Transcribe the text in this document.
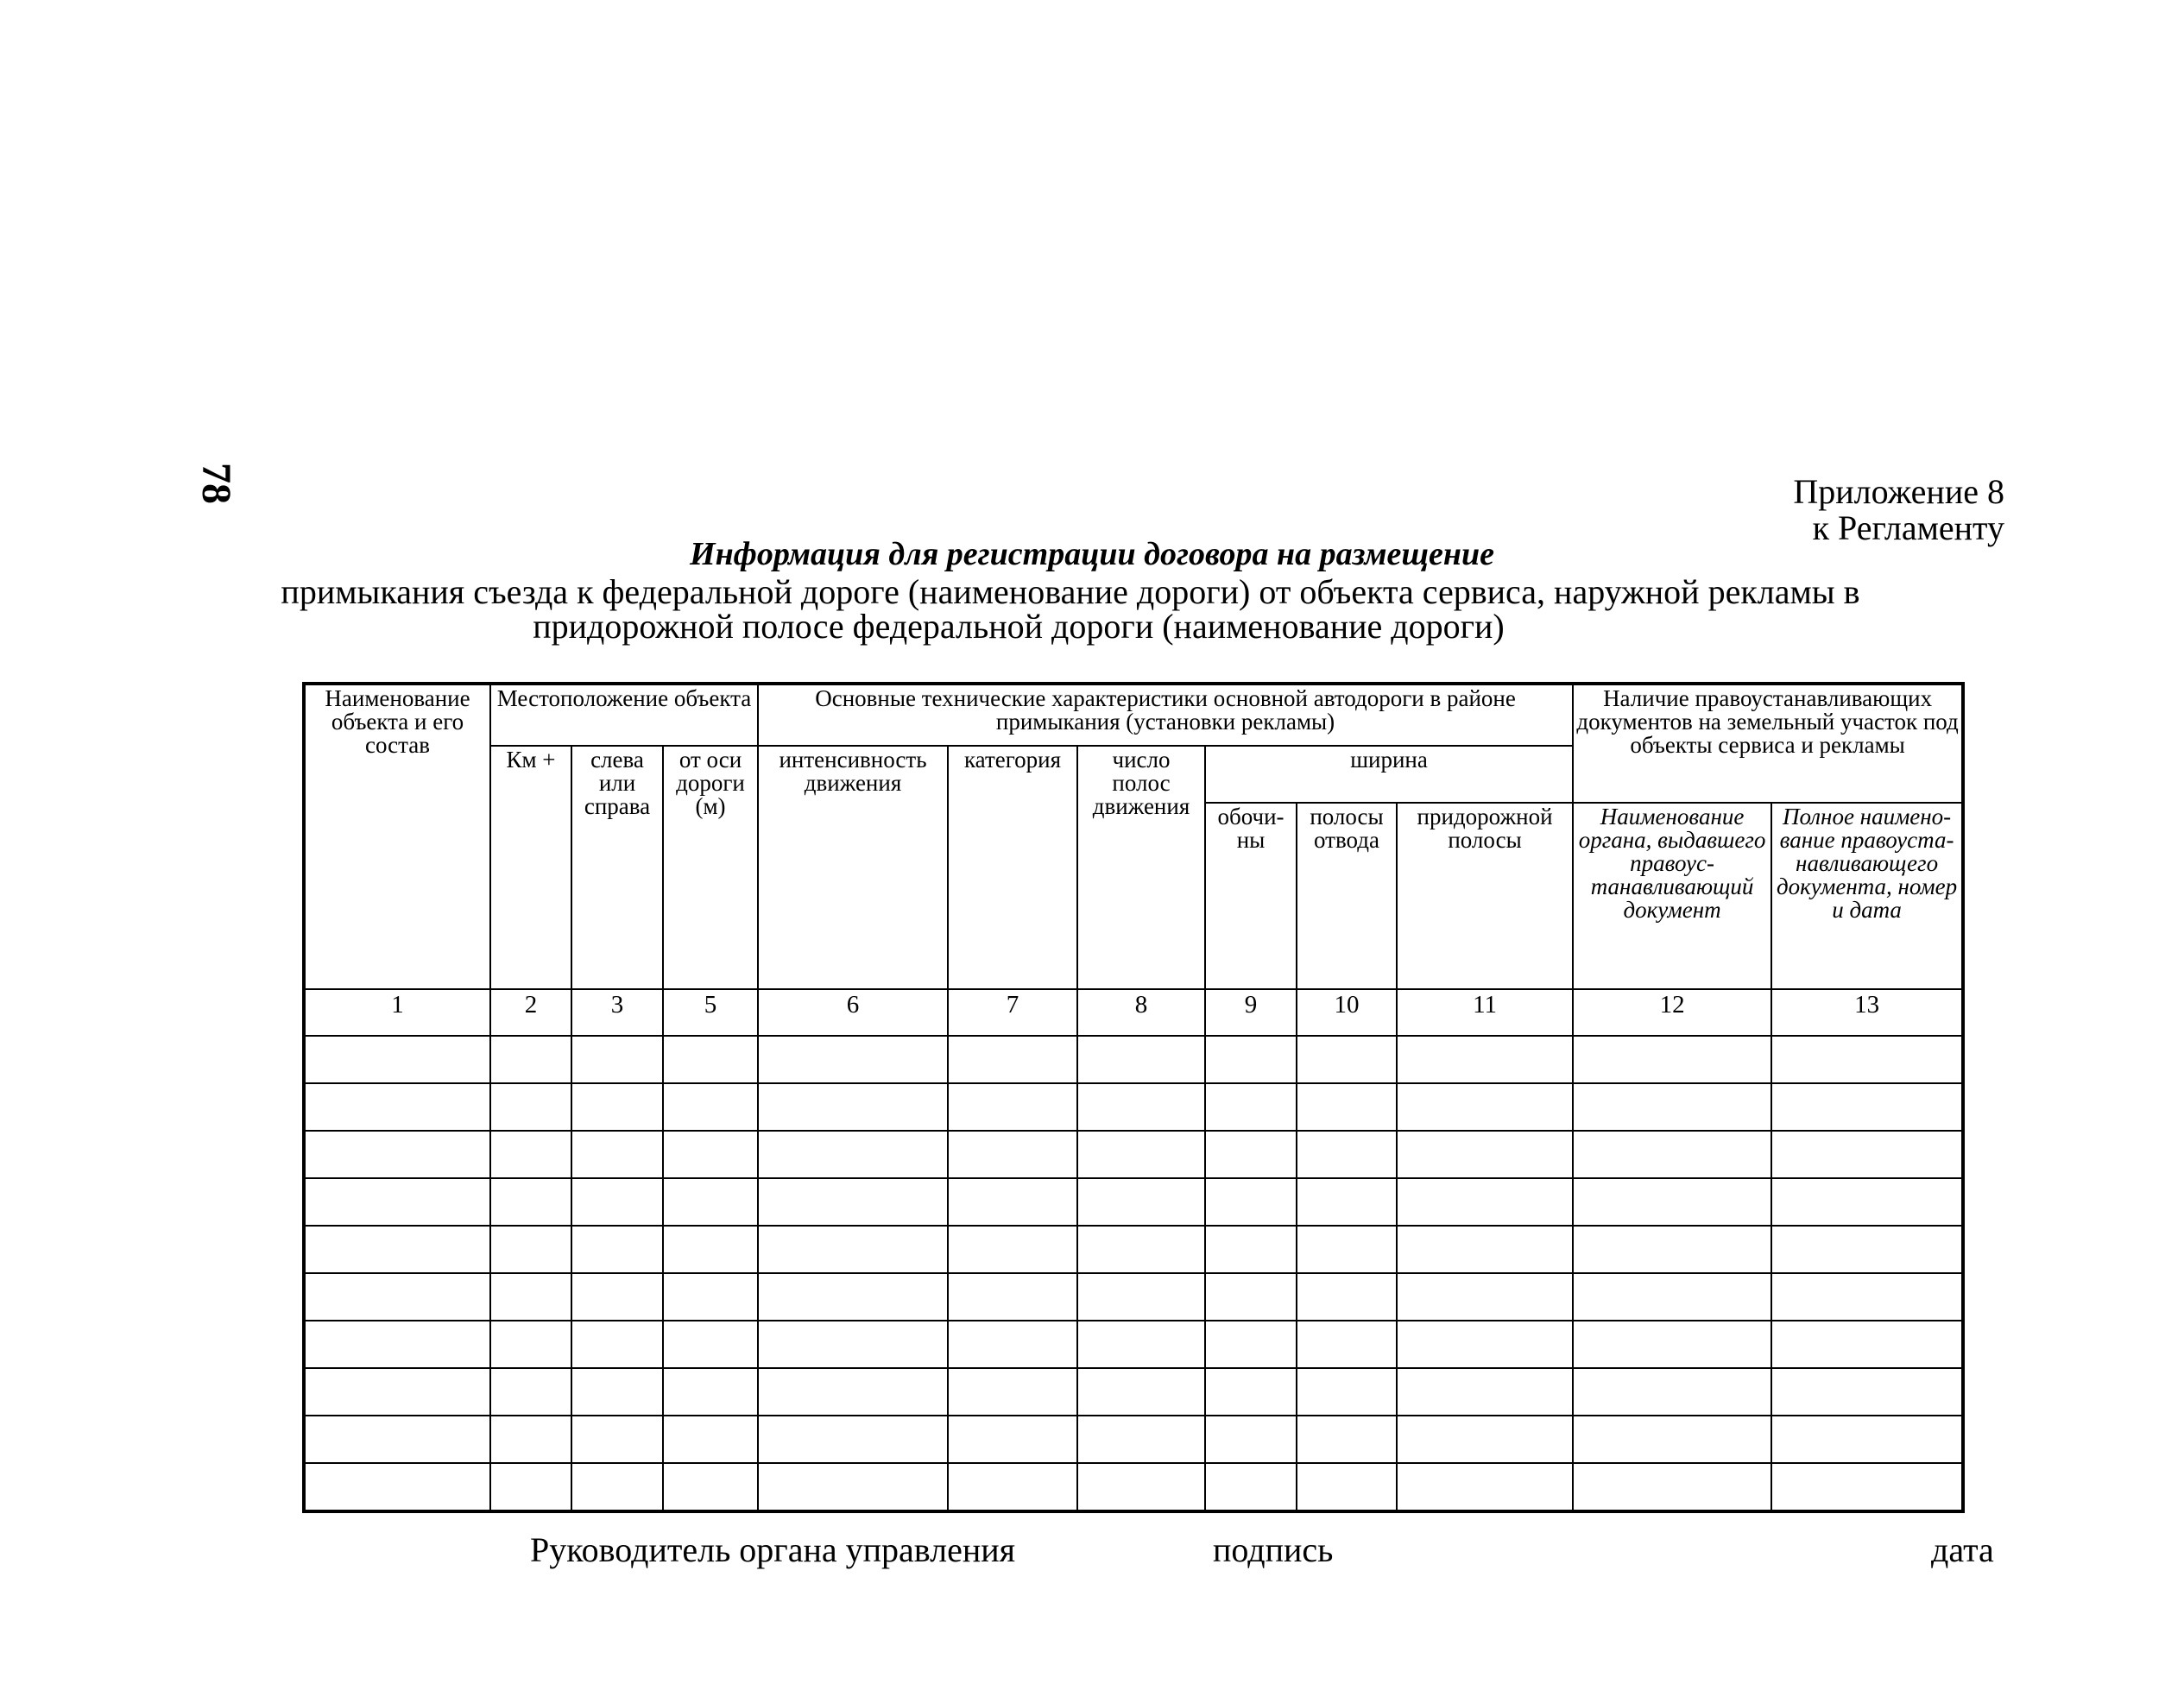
78	Приложение 8
к Регламенту
Информация для регистрации договора на размещение
примыкания съезда к федеральной дороге (наименование дороги) от объекта сервиса, наружной рекламы в
придорожной полосе федеральной дороги (наименование дороги)
Наименование объекта и его состав	Местоположение объекта			Основные технические характеристики основной автодороги в районе примыкания (установки рекламы)						Наличие правоустанавливающих документов на земельный участок под объекты сервиса и рекламы	
	Км +	слева или справа	от оси дороги (м)	интенсивность движения	категория	число полос движения	ширина				
							обочи- ны	полосы отвода	придорожной полосы	Наименование органа, выдавшего правоус- танавливающий документ	Полное наимено- вание правоуста- навливающего документа, номер и дата
1	2	3	5	6	7	8	9	10	11	12	13

Руководитель органа управления	подпись	дата
